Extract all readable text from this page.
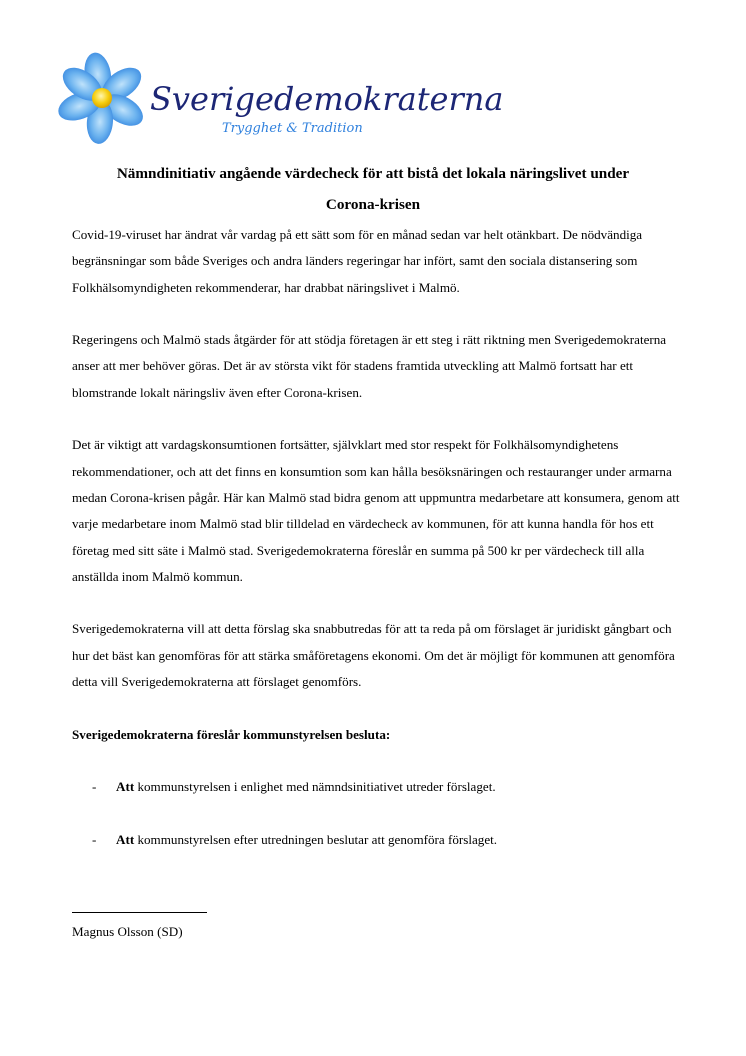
Sverigedemokraterna
Trygghet & Tradition
Nämndinitiativ angående värdecheck för att bistå det lokala näringslivet under
Corona-krisen

Covid-19-viruset har ändrat vår vardag på ett sätt som för en månad sedan var helt otänkbart. De nödvändiga begränsningar som både Sveriges och andra länders regeringar har infört, samt den sociala distansering som Folkhälsomyndigheten rekommenderar, har drabbat näringslivet i Malmö.

Regeringens och Malmö stads åtgärder för att stödja företagen är ett steg i rätt riktning men Sverigedemokraterna anser att mer behöver göras. Det är av största vikt för stadens framtida utveckling att Malmö fortsatt har ett blomstrande lokalt näringsliv även efter Corona-krisen.

Det är viktigt att vardagskonsumtionen fortsätter, självklart med stor respekt för Folkhälsomyndighetens rekommendationer, och att det finns en konsumtion som kan hålla besöksnäringen och restauranger under armarna medan Corona-krisen pågår. Här kan Malmö stad bidra genom att uppmuntra medarbetare att konsumera, genom att varje medarbetare inom Malmö stad blir tilldelad en värdecheck av kommunen, för att kunna handla för hos ett företag med sitt säte i Malmö stad. Sverigedemokraterna föreslår en summa på 500 kr per värdecheck till alla anställda inom Malmö kommun.

Sverigedemokraterna vill att detta förslag ska snabbutredas för att ta reda på om förslaget är juridiskt gångbart och hur det bäst kan genomföras för att stärka småföretagens ekonomi. Om det är möjligt för kommunen att genomföra detta vill Sverigedemokraterna att förslaget genomförs.

Sverigedemokraterna föreslår kommunstyrelsen besluta:

- Att kommunstyrelsen i enlighet med nämndsinitiativet utreder förslaget.

- Att kommunstyrelsen efter utredningen beslutar att genomföra förslaget.

Magnus Olsson (SD)
